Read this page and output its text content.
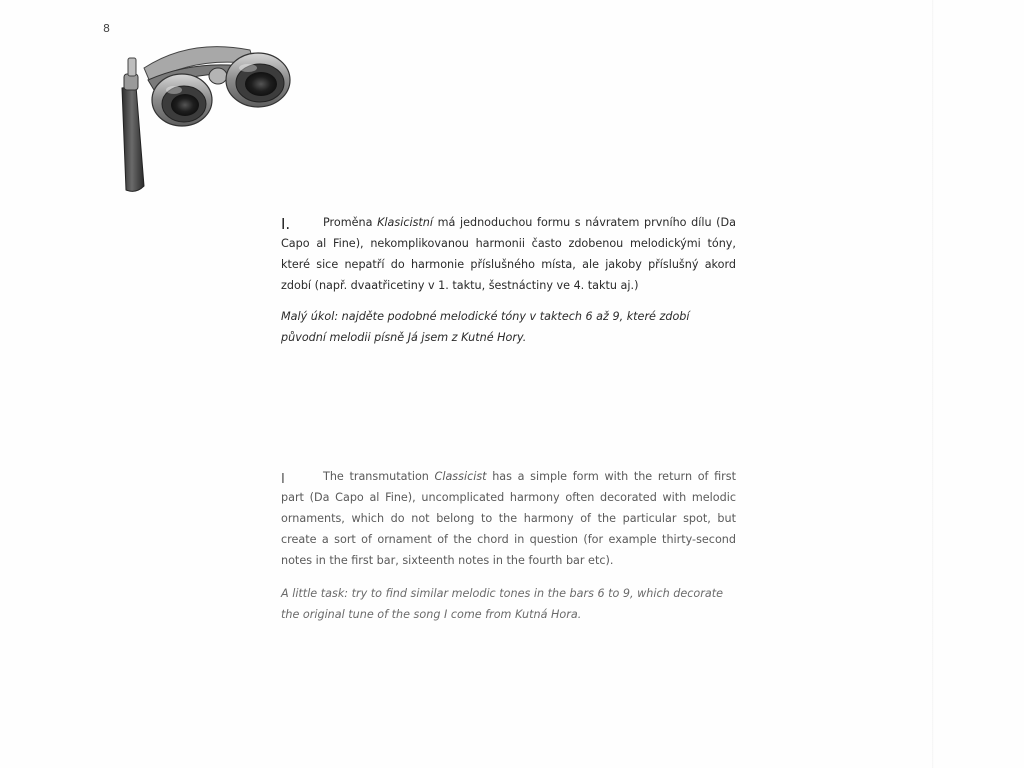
8
I.	Proměna Klasicistní má jednoduchou formu s návratem prvního dílu (Da Capo al Fine), nekomplikovanou harmonii často zdobenou melodickými tóny, které sice nepatří do harmonie příslušného místa, ale jakoby příslušný akord zdobí (např. dvaatřicetiny v 1. taktu, šestnáctiny ve 4. taktu aj.)

Malý úkol: najděte podobné melodické tóny v taktech 6 až 9, které zdobí původní melodii písně Já jsem z Kutné Hory.

I	The transmutation Classicist has a simple form with the return of first part (Da Capo al Fine), uncomplicated harmony often decorated with melodic ornaments, which do not belong to the harmony of the particular spot, but create a sort of ornament of the chord in question (for example thirty-second notes in the first bar, sixteenth notes in the fourth bar etc).

A little task: try to find similar melodic tones in the bars 6 to 9, which decorate the original tune of the song I come from Kutná Hora.
